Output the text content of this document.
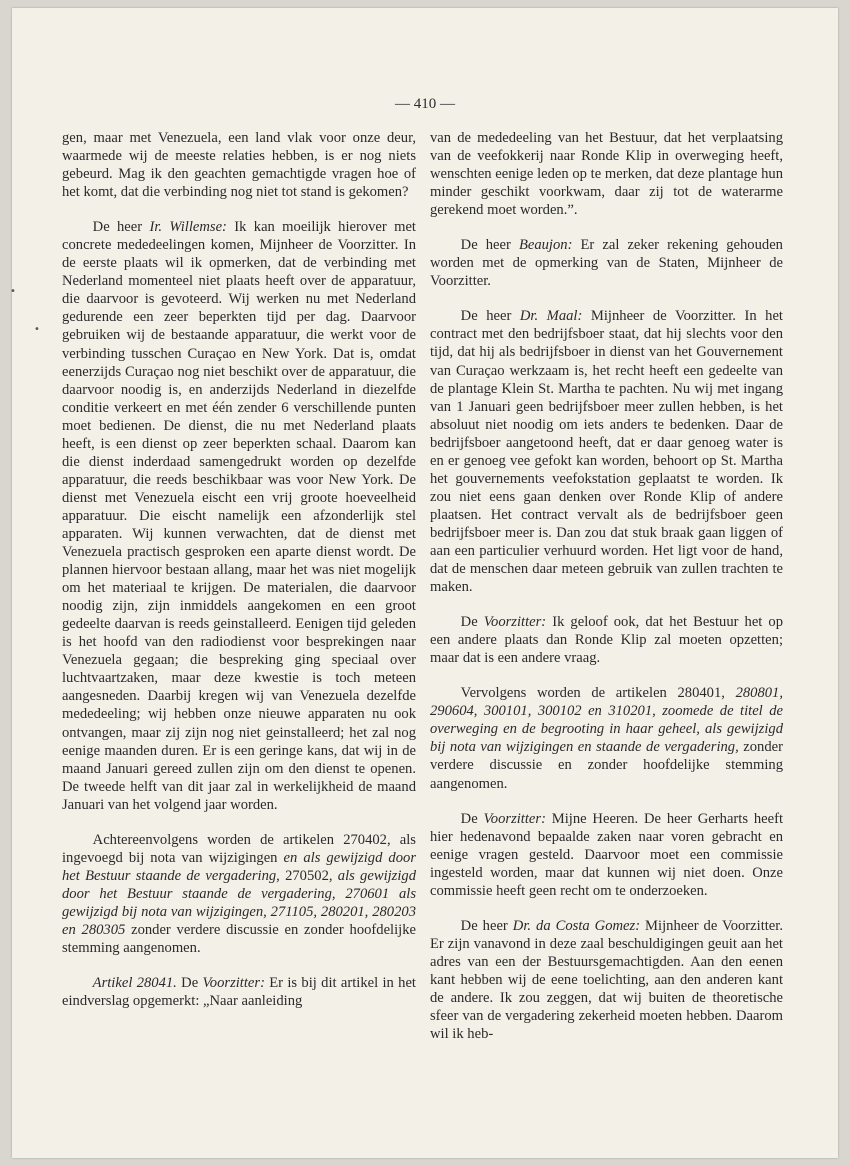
— 410 —
•
•

gen, maar met Venezuela, een land vlak voor onze deur, waarmede wij de meeste relaties hebben, is er nog niets gebeurd. Mag ik den geachten gemachtigde vragen hoe of het komt, dat die verbinding nog niet tot stand is gekomen?

De heer Ir. Willemse: Ik kan moeilijk hierover met concrete mededeelingen komen, Mijnheer de Voorzitter. In de eerste plaats wil ik opmerken, dat de verbinding met Nederland momenteel niet plaats heeft over de apparatuur, die daarvoor is gevoteerd. Wij werken nu met Nederland gedurende een zeer beperkten tijd per dag. Daarvoor gebruiken wij de bestaande apparatuur, die werkt voor de verbinding tusschen Curaçao en New York. Dat is, omdat eenerzijds Curaçao nog niet beschikt over de apparatuur, die daarvoor noodig is, en anderzijds Nederland in diezelfde conditie verkeert en met één zender 6 verschillende punten moet bedienen. De dienst, die nu met Nederland plaats heeft, is een dienst op zeer beperkten schaal. Daarom kan die dienst inderdaad samengedrukt worden op dezelfde apparatuur, die reeds beschikbaar was voor New York. De dienst met Venezuela eischt een vrij groote hoeveelheid apparatuur. Die eischt namelijk een afzonderlijk stel apparaten. Wij kunnen verwachten, dat de dienst met Venezuela practisch gesproken een aparte dienst wordt. De plannen hiervoor bestaan allang, maar het was niet mogelijk om het materiaal te krijgen. De materialen, die daarvoor noodig zijn, zijn inmiddels aangekomen en een groot gedeelte daarvan is reeds geinstalleerd. Eenigen tijd geleden is het hoofd van den radiodienst voor besprekingen naar Venezuela gegaan; die bespreking ging speciaal over luchtvaartzaken, maar deze kwestie is toch meteen aangesneden. Daarbij kregen wij van Venezuela dezelfde mededeeling; wij hebben onze nieuwe apparaten nu ook ontvangen, maar zij zijn nog niet geinstalleerd; het zal nog eenige maanden duren. Er is een geringe kans, dat wij in de maand Januari gereed zullen zijn om den dienst te openen. De tweede helft van dit jaar zal in werkelijkheid de maand Januari van het volgend jaar worden.

Achtereenvolgens worden de artikelen 270402, als ingevoegd bij nota van wijzigingen en als gewijzigd door het Bestuur staande de vergadering, 270502, als gewijzigd door het Bestuur staande de vergadering, 270601 als gewijzigd bij nota van wijzigingen, 271105, 280201, 280203 en 280305 zonder verdere discussie en zonder hoofdelijke stemming aangenomen.

Artikel 28041. De Voorzitter: Er is bij dit artikel in het eindverslag opgemerkt: „Naar aanleiding

van de mededeeling van het Bestuur, dat het verplaatsing van de veefokkerij naar Ronde Klip in overweging heeft, wenschten eenige leden op te merken, dat deze plantage hun minder geschikt voorkwam, daar zij tot de waterarme gerekend moet worden.”.

De heer Beaujon: Er zal zeker rekening gehouden worden met de opmerking van de Staten, Mijnheer de Voorzitter.

De heer Dr. Maal: Mijnheer de Voorzitter. In het contract met den bedrijfsboer staat, dat hij slechts voor den tijd, dat hij als bedrijfsboer in dienst van het Gouvernement van Curaçao werkzaam is, het recht heeft een gedeelte van de plantage Klein St. Martha te pachten. Nu wij met ingang van 1 Januari geen bedrijfsboer meer zullen hebben, is het absoluut niet noodig om iets anders te bedenken. Daar de bedrijfsboer aangetoond heeft, dat er daar genoeg water is en er genoeg vee gefokt kan worden, behoort op St. Martha het gouvernements veefokstation geplaatst te worden. Ik zou niet eens gaan denken over Ronde Klip of andere plaatsen. Het contract vervalt als de bedrijfsboer geen bedrijfsboer meer is. Dan zou dat stuk braak gaan liggen of aan een particulier verhuurd worden. Het ligt voor de hand, dat de menschen daar meteen gebruik van zullen trachten te maken.

De Voorzitter: Ik geloof ook, dat het Bestuur het op een andere plaats dan Ronde Klip zal moeten opzetten; maar dat is een andere vraag.

Vervolgens worden de artikelen 280401, 280801, 290604, 300101, 300102 en 310201, zoomede de titel de overweging en de begrooting in haar geheel, als gewijzigd bij nota van wijzigingen en staande de vergadering, zonder verdere discussie en zonder hoofdelijke stemming aangenomen.

De Voorzitter: Mijne Heeren. De heer Gerharts heeft hier hedenavond bepaalde zaken naar voren gebracht en eenige vragen gesteld. Daarvoor moet een commissie ingesteld worden, maar dat kunnen wij niet doen. Onze commissie heeft geen recht om te onderzoeken.

De heer Dr. da Costa Gomez: Mijnheer de Voorzitter. Er zijn vanavond in deze zaal beschuldigingen geuit aan het adres van een der Bestuursgemachtigden. Aan den eenen kant hebben wij de eene toelichting, aan den anderen kant de andere. Ik zou zeggen, dat wij buiten de theoretische sfeer van de vergadering zekerheid moeten hebben. Daarom wil ik heb-
